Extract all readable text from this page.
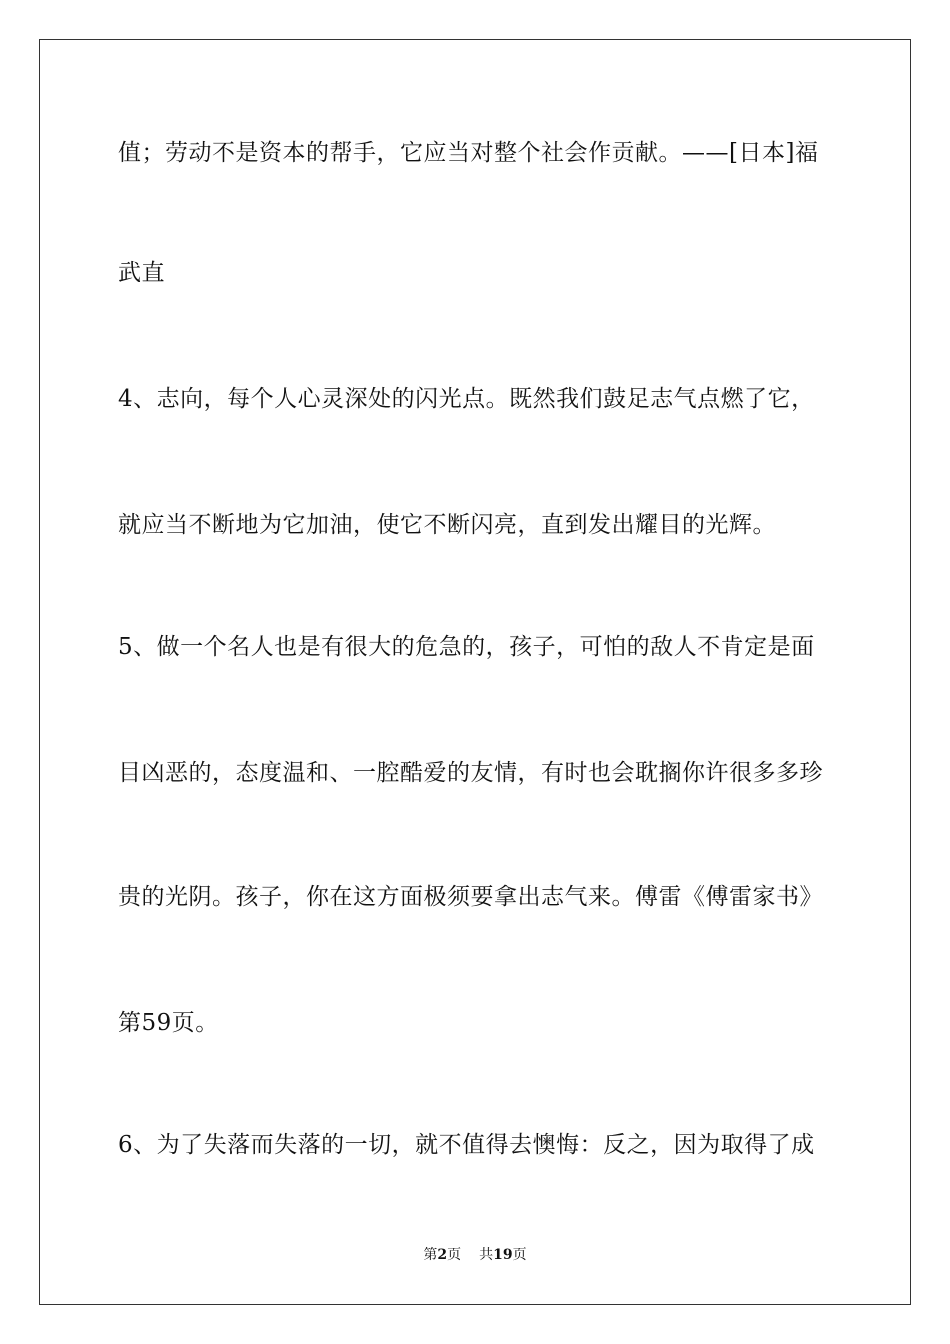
值；劳动不是资本的帮手，它应当对整个社会作贡献。——[日本]福
武直
4、志向，每个人心灵深处的闪光点。既然我们鼓足志气点燃了它，
就应当不断地为它加油，使它不断闪亮，直到发出耀目的光辉。
5、做一个名人也是有很大的危急的，孩子，可怕的敌人不肯定是面
目凶恶的，态度温和、一腔酷爱的友情，有时也会耽搁你许很多多珍
贵的光阴。孩子，你在这方面极须要拿出志气来。傅雷《傅雷家书》
第59页。
6、为了失落而失落的一切，就不值得去懊悔：反之，因为取得了成
第2页 共19页
